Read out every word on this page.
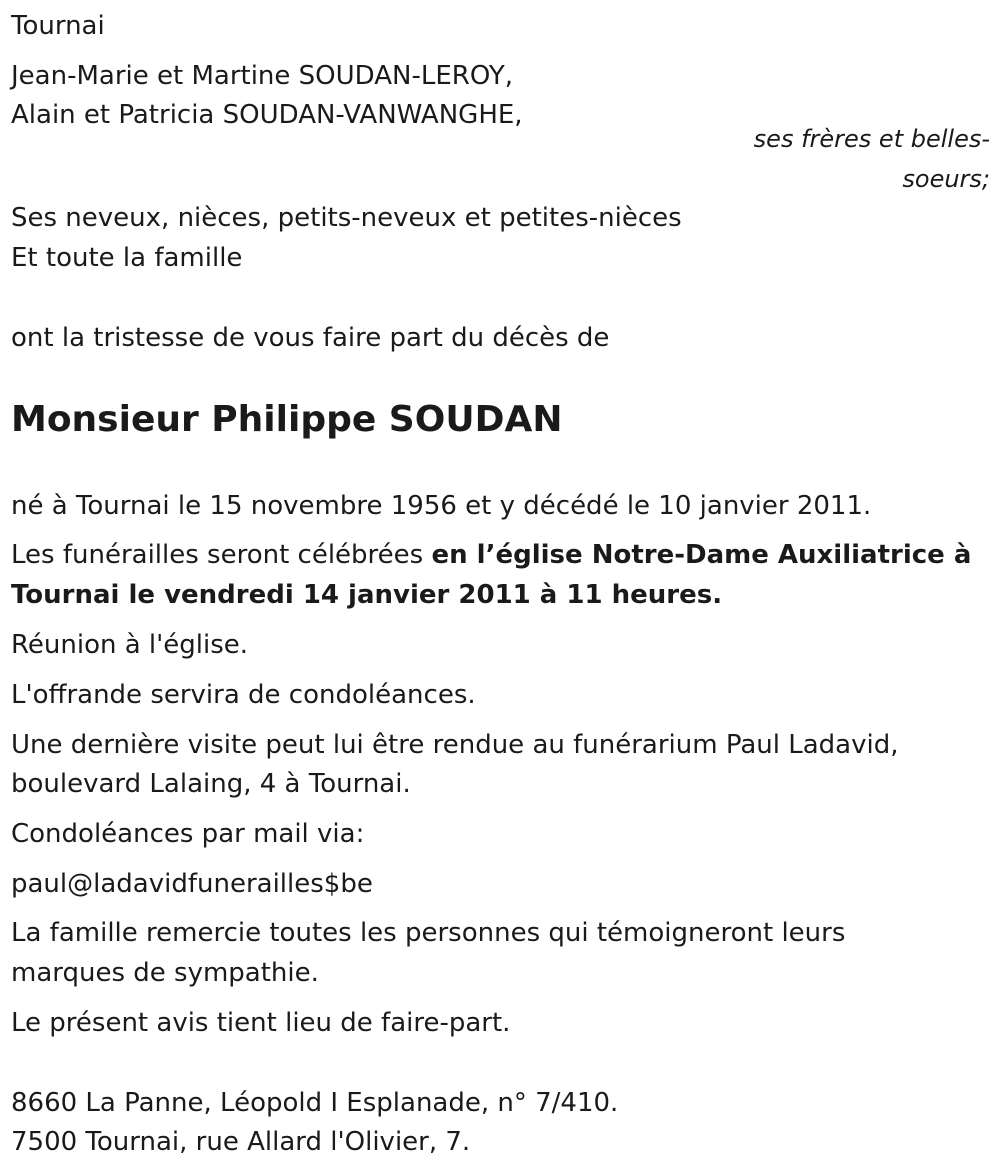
Tournai
Jean-Marie et Martine SOUDAN-LEROY,
Alain et Patricia SOUDAN-VANWANGHE,
ses frères et belles-
soeurs;
Ses neveux, nièces, petits-neveux et petites-nièces
Et toute la famille
ont la tristesse de vous faire part du décès de
Monsieur Philippe SOUDAN
né à Tournai le 15 novembre 1956 et y décédé le 10 janvier 2011.
Les funérailles seront célébrées en l’église Notre-Dame Auxiliatrice à
Tournai le vendredi 14 janvier 2011 à 11 heures.
Réunion à l'église.
L'offrande servira de condoléances.
Une dernière visite peut lui être rendue au funérarium Paul Ladavid,
boulevard Lalaing, 4 à Tournai.
Condoléances par mail via:
paul@ladavidfunerailles$be
La famille remercie toutes les personnes qui témoigneront leurs
marques de sympathie.
Le présent avis tient lieu de faire-part.
8660 La Panne, Léopold I Esplanade, n° 7/410.
7500 Tournai, rue Allard l'Olivier, 7.
